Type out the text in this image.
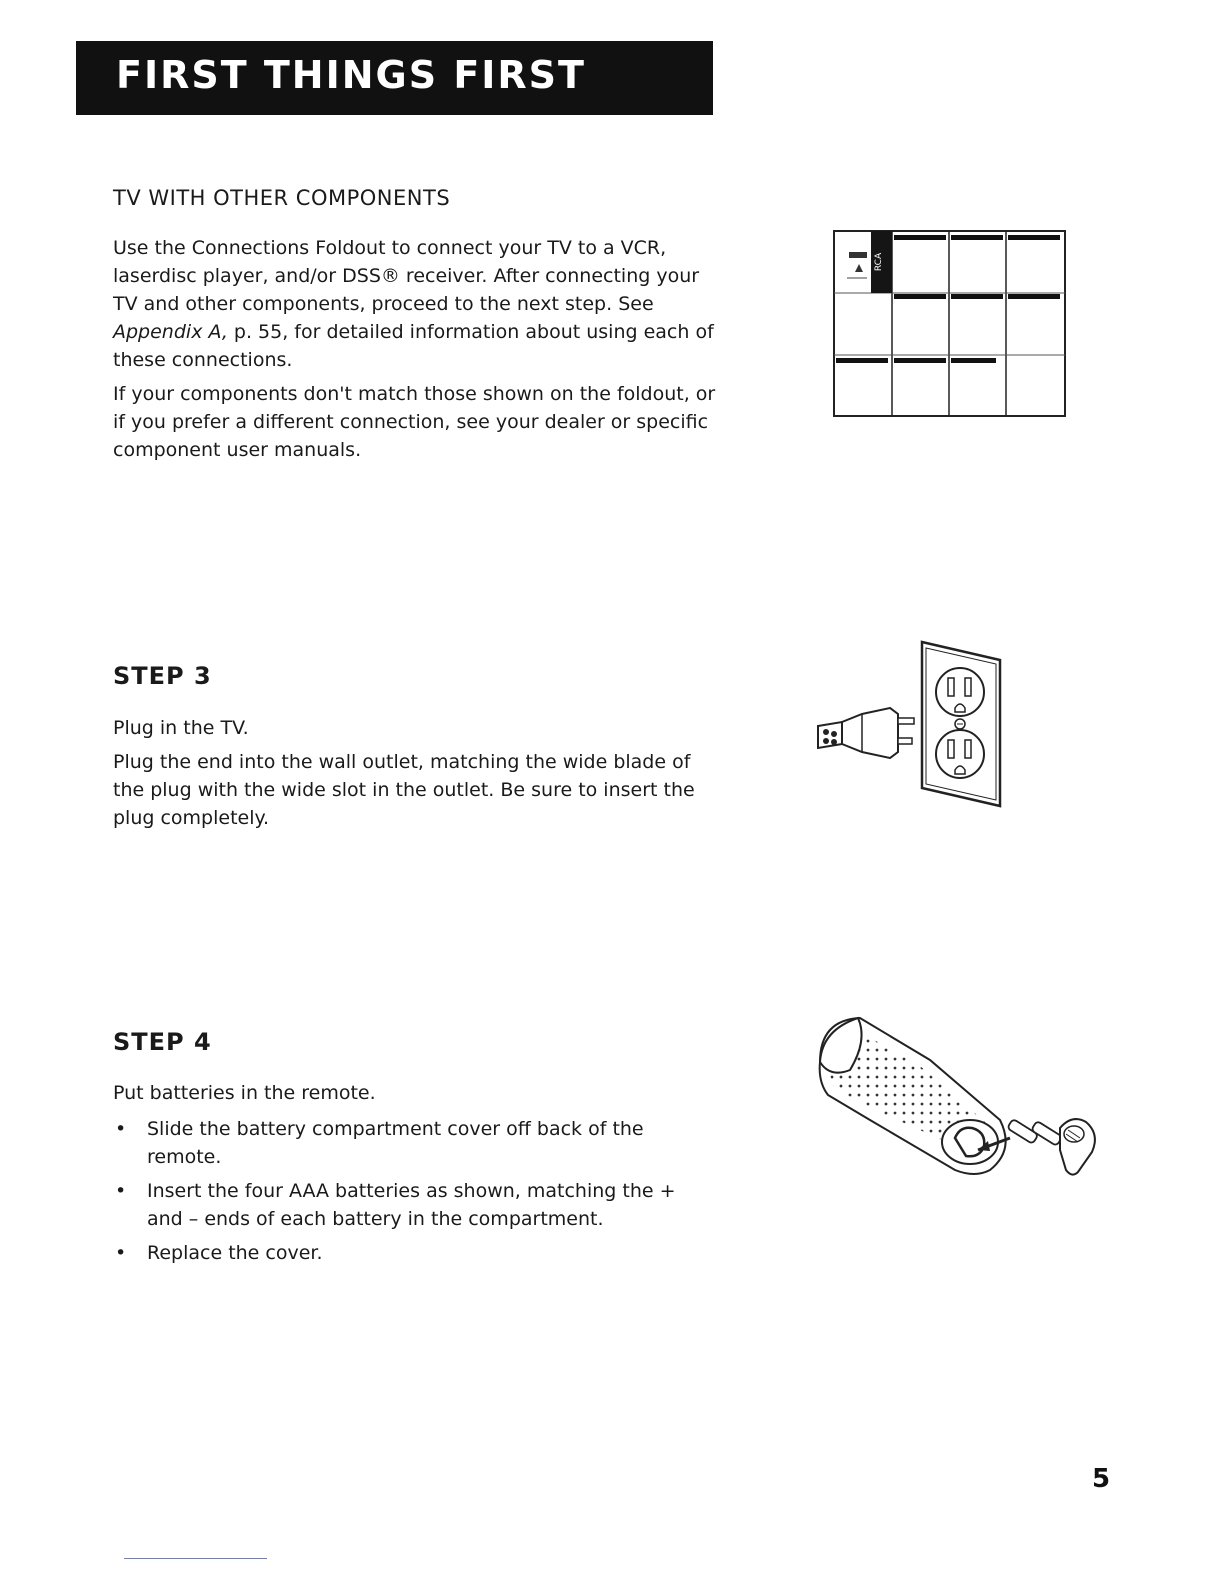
FIRST THINGS FIRST
TV WITH OTHER COMPONENTS

Use the Connections Foldout to connect your TV to a VCR, laserdisc player, and/or DSS® receiver. After connecting your TV and other components, proceed to the next step. See Appendix A, p. 55, for detailed information about using each of these connections.

If your components don't match those shown on the foldout, or if you prefer a different connection, see your dealer or specific component user manuals.

RCA
STEP 3

Plug in the TV.

Plug the end into the wall outlet, matching the wide blade of the plug with the wide slot in the outlet. Be sure to insert the plug completely.

STEP 4

Put batteries in the remote.

• Slide the battery compartment cover off back of the remote.
• Insert the four AAA batteries as shown, matching the + and – ends of each battery in the compartment.
• Replace the cover.
5
